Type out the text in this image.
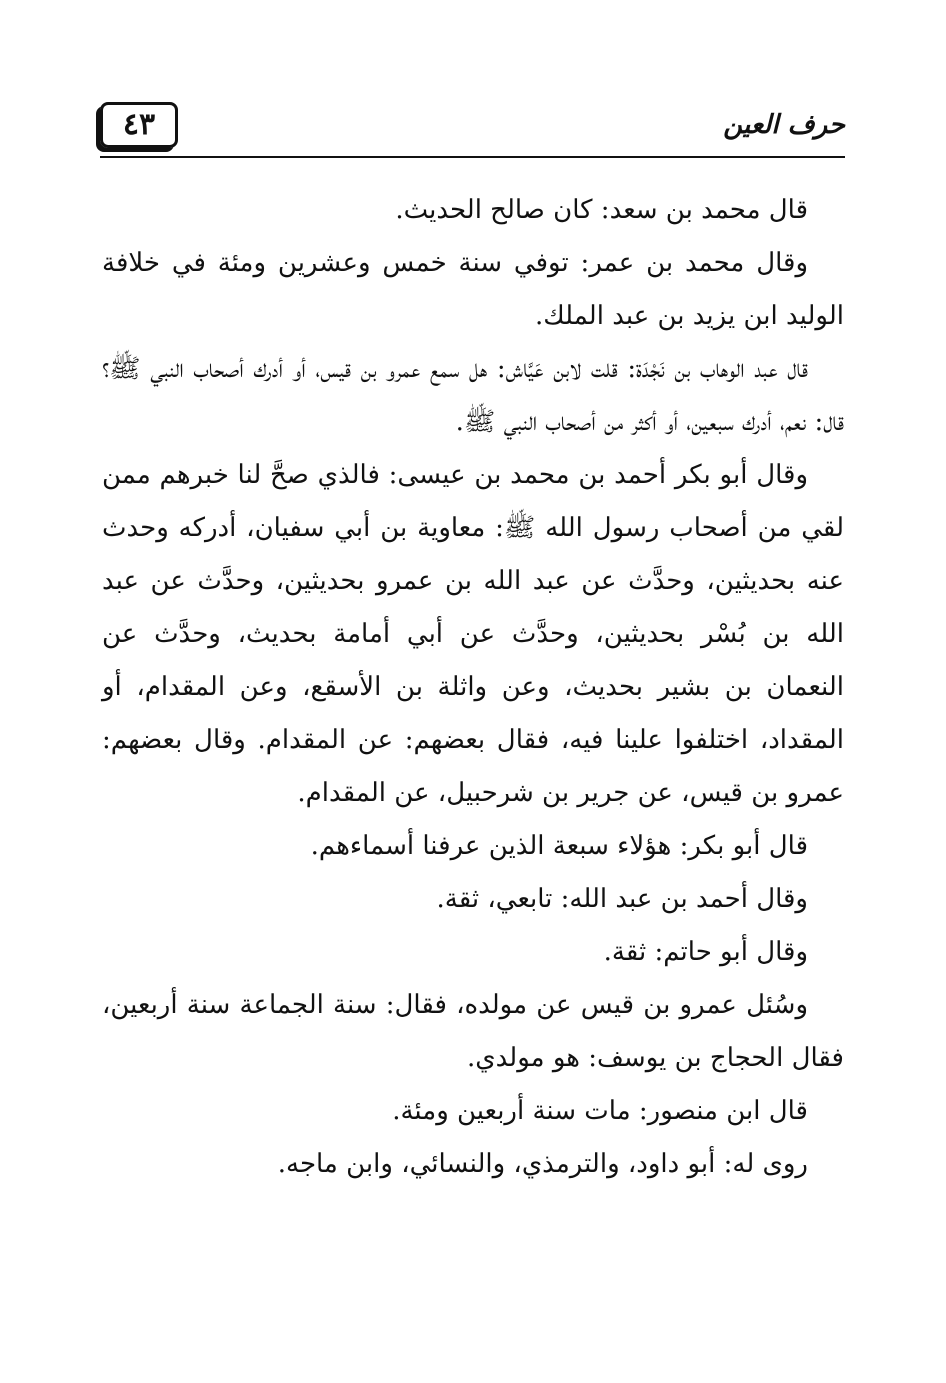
٤٣	حرف العين

قال محمد بن سعد: كان صالح الحديث.

وقال محمد بن عمر: توفي سنة خمس وعشرين ومئة في خلافة الوليد ابن يزيد بن عبد الملك.

قال عبد الوهاب بن نَجْدَة: قلت لابن عَيَّاش: هل سمع عمرو بن قيس، أو أدرك أصحاب النبي ﷺ؟ قال: نعم، أدرك سبعين، أو أكثر من أصحاب النبي ﷺ.

وقال أبو بكر أحمد بن محمد بن عيسى: فالذي صحَّ لنا خبرهم ممن لقي من أصحاب رسول الله ﷺ: معاوية بن أبي سفيان، أدركه وحدث عنه بحديثين، وحدَّث عن عبد الله بن عمرو بحديثين، وحدَّث عن عبد الله بن بُسْر بحديثين، وحدَّث عن أبي أمامة بحديث، وحدَّث عن النعمان بن بشير بحديث، وعن واثلة بن الأسقع، وعن المقدام، أو المقداد، اختلفوا علينا فيه، فقال بعضهم: عن المقدام. وقال بعضهم: عمرو بن قيس، عن جرير بن شرحبيل، عن المقدام.

قال أبو بكر: هؤلاء سبعة الذين عرفنا أسماءهم.

وقال أحمد بن عبد الله: تابعي، ثقة.

وقال أبو حاتم: ثقة.

وسُئل عمرو بن قيس عن مولده، فقال: سنة الجماعة سنة أربعين، فقال الحجاج بن يوسف: هو مولدي.

قال ابن منصور: مات سنة أربعين ومئة.

روى له: أبو داود، والترمذي، والنسائي، وابن ماجه.
